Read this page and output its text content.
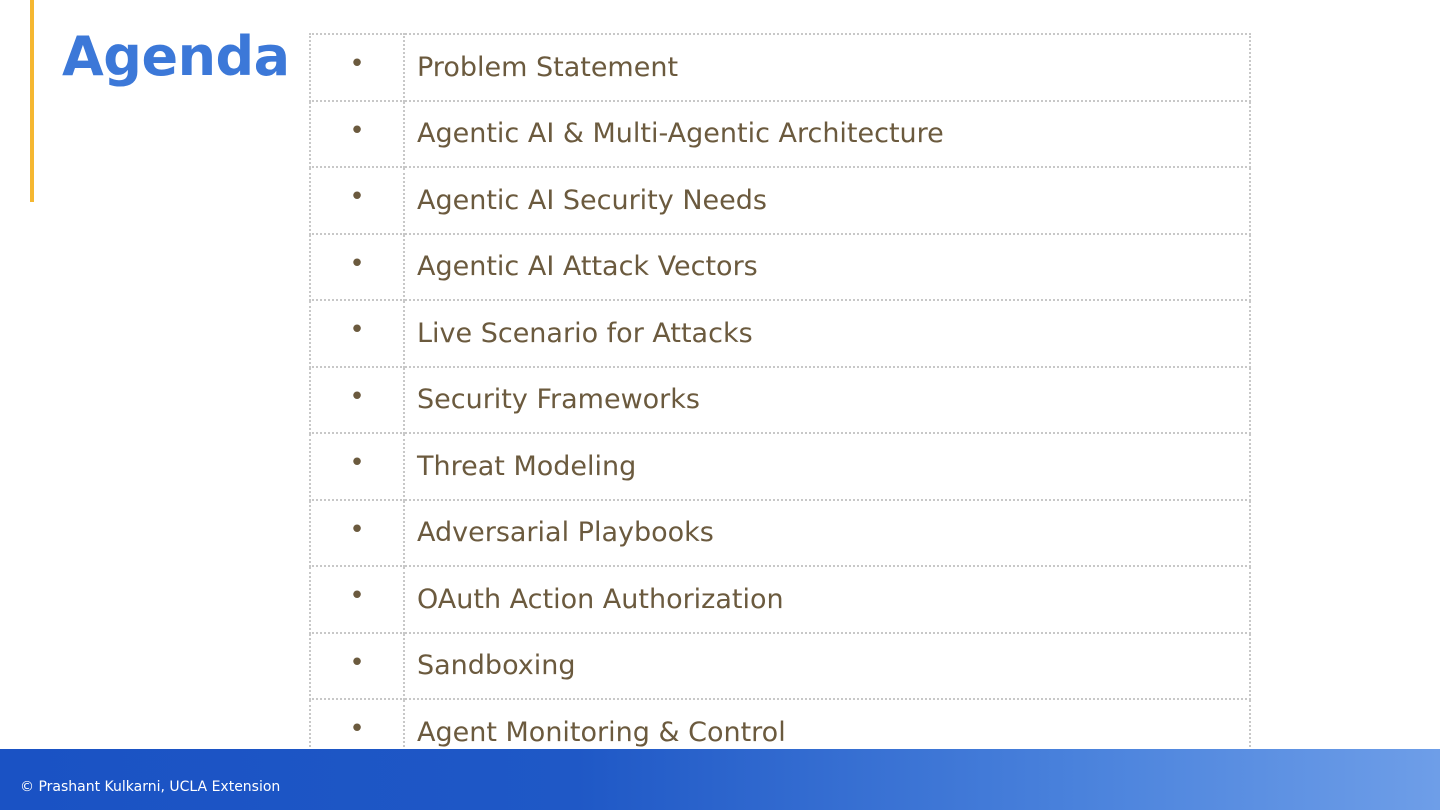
Agenda •	Problem Statement
•	Agentic AI & Multi-Agentic Architecture
•	Agentic AI Security Needs
•	Agentic AI Attack Vectors
•	Live Scenario for Attacks
•	Security Frameworks
•	Threat Modeling
•	Adversarial Playbooks
•	OAuth Action Authorization
•	Sandboxing
•	Agent Monitoring & Control
© Prashant Kulkarni, UCLA Extension
